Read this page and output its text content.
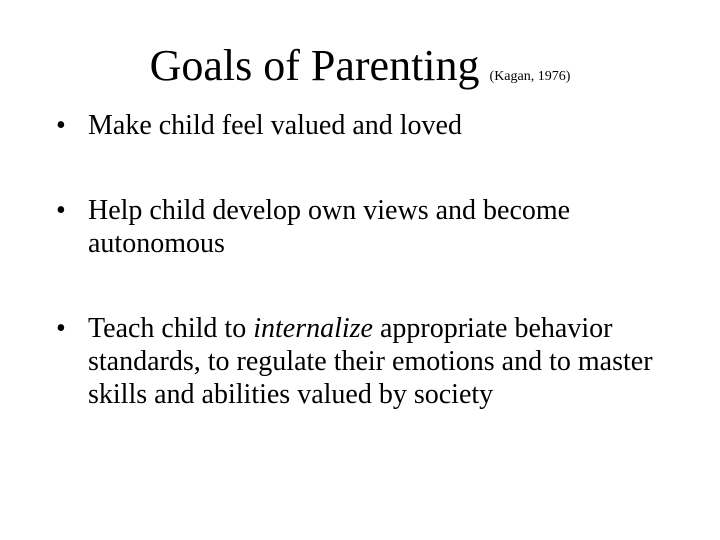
Goals of Parenting (Kagan, 1976)
• Make child feel valued and loved
• Help child develop own views and become autonomous
• Teach child to internalize appropriate behavior standards, to regulate their emotions and to master skills and abilities valued by society
